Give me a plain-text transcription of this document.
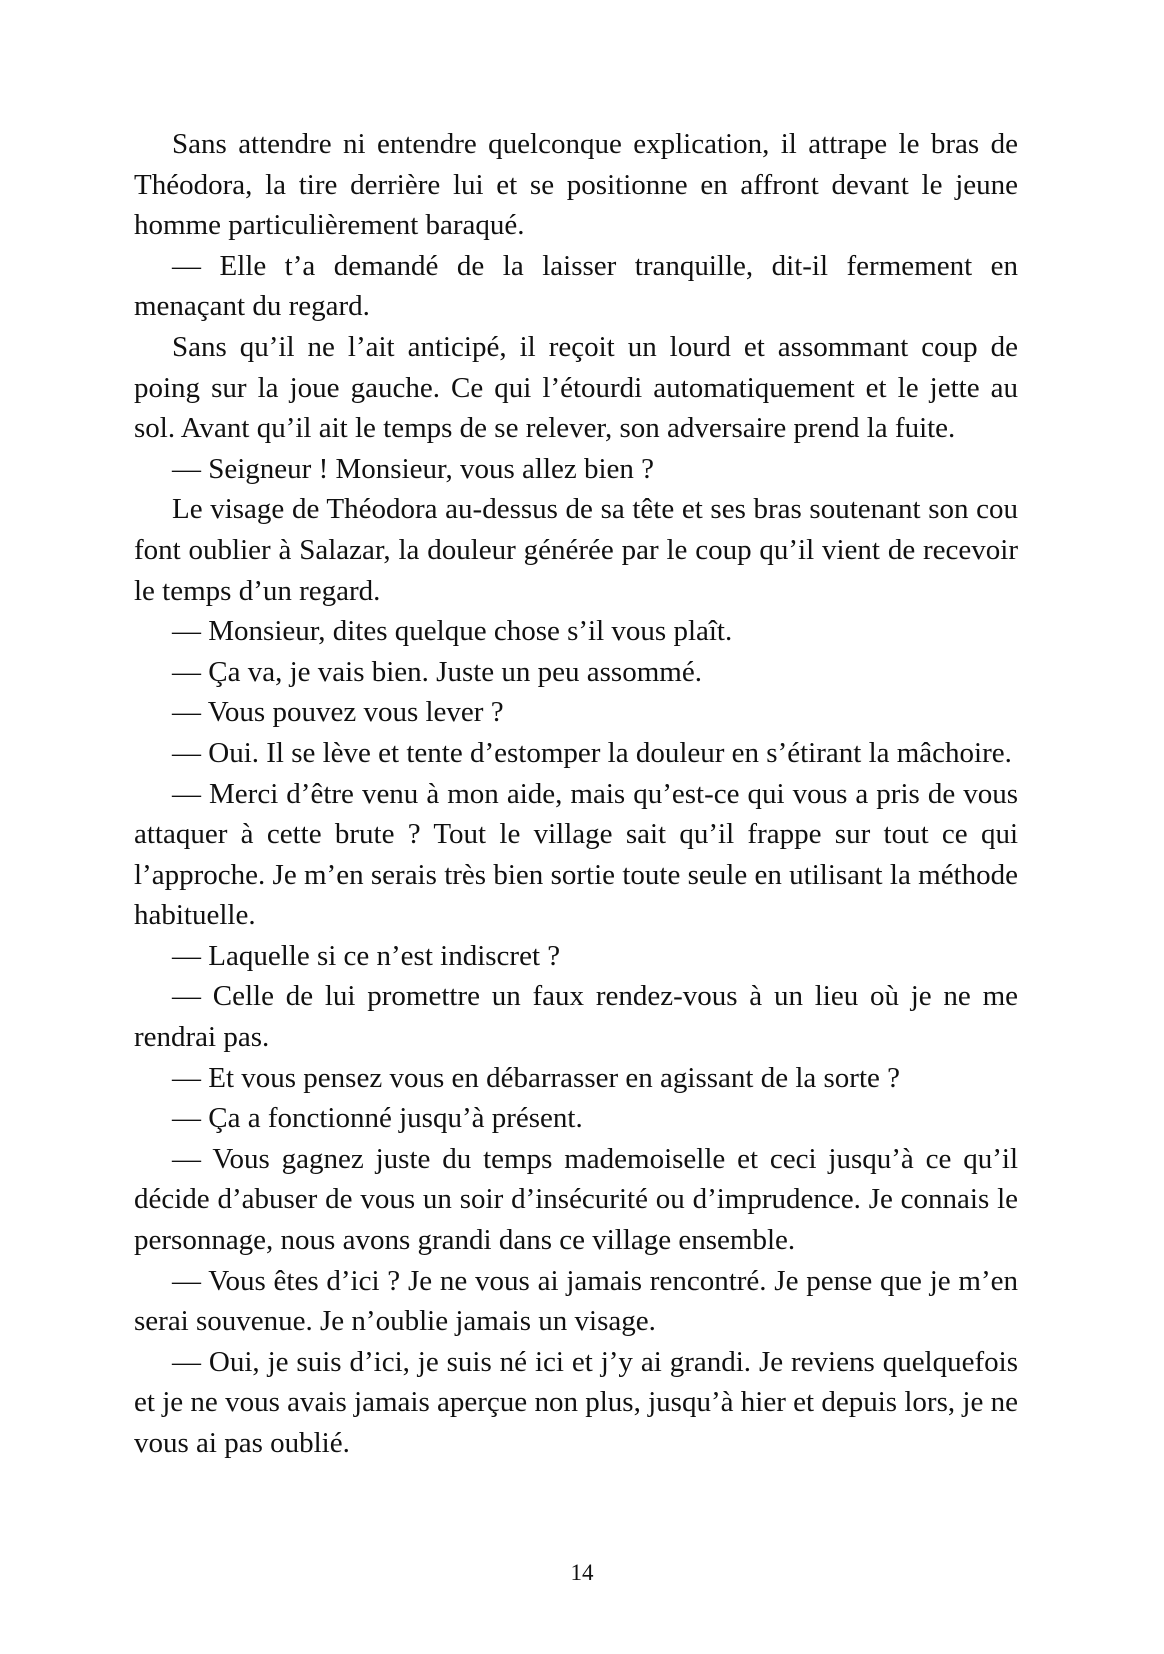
Sans attendre ni entendre quelconque explication, il attrape le bras de Théodora, la tire derrière lui et se positionne en affront devant le jeune homme particulièrement baraqué.

— Elle t’a demandé de la laisser tranquille, dit-il fermement en menaçant du regard.

Sans qu’il ne l’ait anticipé, il reçoit un lourd et assommant coup de poing sur la joue gauche. Ce qui l’étourdi automatiquement et le jette au sol. Avant qu’il ait le temps de se relever, son adversaire prend la fuite.

— Seigneur ! Monsieur, vous allez bien ?

Le visage de Théodora au-dessus de sa tête et ses bras soutenant son cou font oublier à Salazar, la douleur générée par le coup qu’il vient de recevoir le temps d’un regard.

— Monsieur, dites quelque chose s’il vous plaît.

— Ça va, je vais bien. Juste un peu assommé.

— Vous pouvez vous lever ?

— Oui. Il se lève et tente d’estomper la douleur en s’étirant la mâchoire.

— Merci d’être venu à mon aide, mais qu’est-ce qui vous a pris de vous attaquer à cette brute ? Tout le village sait qu’il frappe sur tout ce qui l’approche. Je m’en serais très bien sortie toute seule en utilisant la méthode habituelle.

— Laquelle si ce n’est indiscret ?

— Celle de lui promettre un faux rendez-vous à un lieu où je ne me rendrai pas.

— Et vous pensez vous en débarrasser en agissant de la sorte ?

— Ça a fonctionné jusqu’à présent.

— Vous gagnez juste du temps mademoiselle et ceci jusqu’à ce qu’il décide d’abuser de vous un soir d’insécurité ou d’imprudence. Je connais le personnage, nous avons grandi dans ce village ensemble.

— Vous êtes d’ici ? Je ne vous ai jamais rencontré. Je pense que je m’en serai souvenue. Je n’oublie jamais un visage.

— Oui, je suis d’ici, je suis né ici et j’y ai grandi. Je reviens quelquefois et je ne vous avais jamais aperçue non plus, jusqu’à hier et depuis lors, je ne vous ai pas oublié.

14
